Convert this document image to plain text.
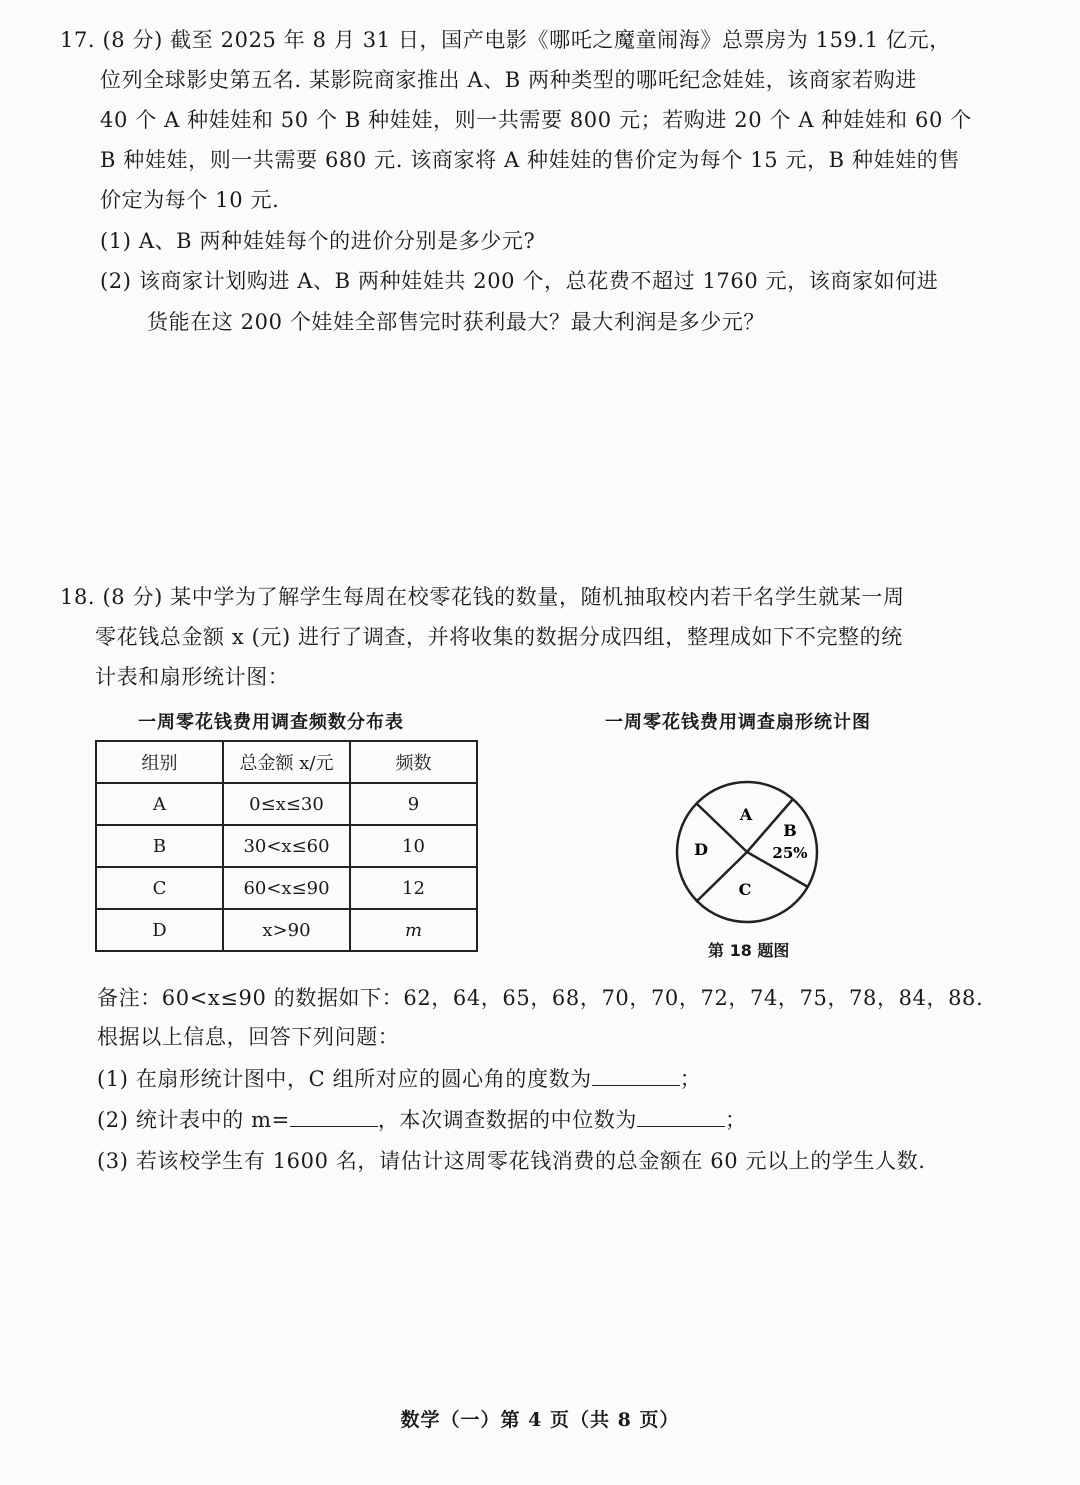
17. (8 分) 截至 2025 年 8 月 31 日，国产电影《哪吒之魔童闹海》总票房为 159.1 亿元，
位列全球影史第五名. 某影院商家推出 A、B 两种类型的哪吒纪念娃娃，该商家若购进
40 个 A 种娃娃和 50 个 B 种娃娃，则一共需要 800 元；若购进 20 个 A 种娃娃和 60 个
B 种娃娃，则一共需要 680 元. 该商家将 A 种娃娃的售价定为每个 15 元，B 种娃娃的售
价定为每个 10 元.
(1) A、B 两种娃娃每个的进价分别是多少元?
(2) 该商家计划购进 A、B 两种娃娃共 200 个，总花费不超过 1760 元，该商家如何进
货能在这 200 个娃娃全部售完时获利最大？最大利润是多少元？
18. (8 分) 某中学为了解学生每周在校零花钱的数量，随机抽取校内若干名学生就某一周
零花钱总金额 x (元) 进行了调查，并将收集的数据分成四组，整理成如下不完整的统
计表和扇形统计图：
一周零花钱费用调查频数分布表	一周零花钱费用调查扇形统计图
组别	总金额 x/元	频数
A	0≤x≤30	9
B	30<x≤60	10
C	60<x≤90	12
D	x>90	m
A
B
25%
C
D
第 18 题图
备注：60<x≤90 的数据如下：62，64，65，68，70，70，72，74，75，78，84，88.
根据以上信息，回答下列问题：
(1) 在扇形统计图中，C 组所对应的圆心角的度数为	；
(2) 统计表中的 m=	，本次调查数据的中位数为	；
(3) 若该校学生有 1600 名，请估计这周零花钱消费的总金额在 60 元以上的学生人数.
数学（一）第 4 页（共 8 页）
